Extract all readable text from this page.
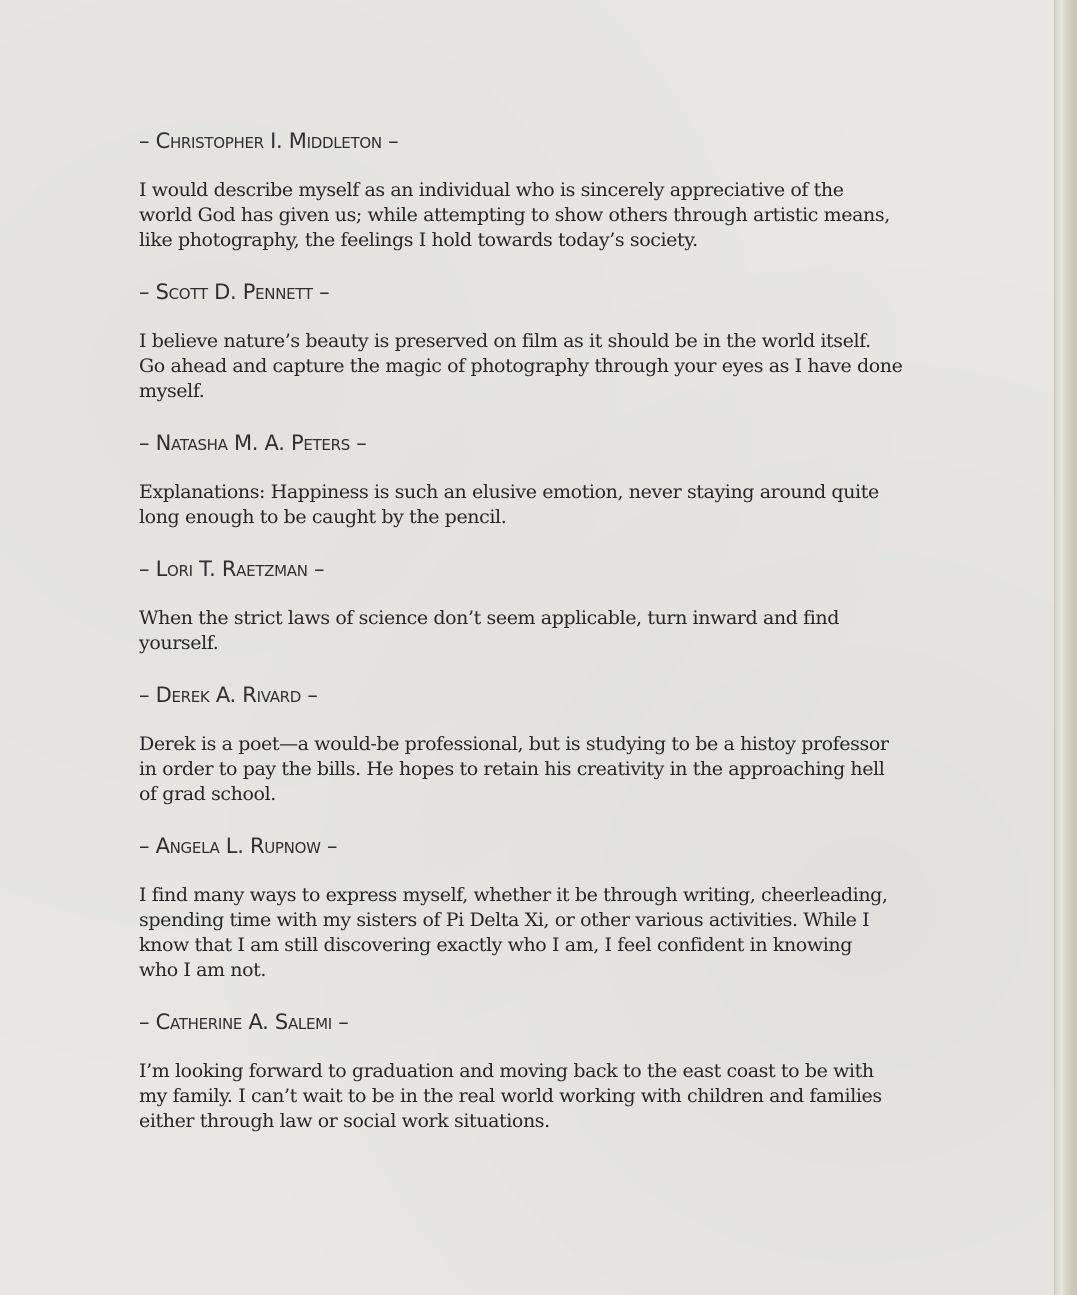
– Christopher I. Middleton –
I would describe myself as an individual who is sincerely appreciative of the
world God has given us; while attempting to show others through artistic means,
like photography, the feelings I hold towards today’s society.
– Scott D. Pennett –
I believe nature’s beauty is preserved on film as it should be in the world itself.
Go ahead and capture the magic of photography through your eyes as I have done
myself.
– Natasha M. A. Peters –
Explanations: Happiness is such an elusive emotion, never staying around quite
long enough to be caught by the pencil.
– Lori T. Raetzman –
When the strict laws of science don’t seem applicable, turn inward and find
yourself.
– Derek A. Rivard –
Derek is a poet—a would-be professional, but is studying to be a histoy professor
in order to pay the bills. He hopes to retain his creativity in the approaching hell
of grad school.
– Angela L. Rupnow –
I find many ways to express myself, whether it be through writing, cheerleading,
spending time with my sisters of Pi Delta Xi, or other various activities. While I
know that I am still discovering exactly who I am, I feel confident in knowing
who I am not.
– Catherine A. Salemi –
I’m looking forward to graduation and moving back to the east coast to be with
my family. I can’t wait to be in the real world working with children and families
either through law or social work situations.
